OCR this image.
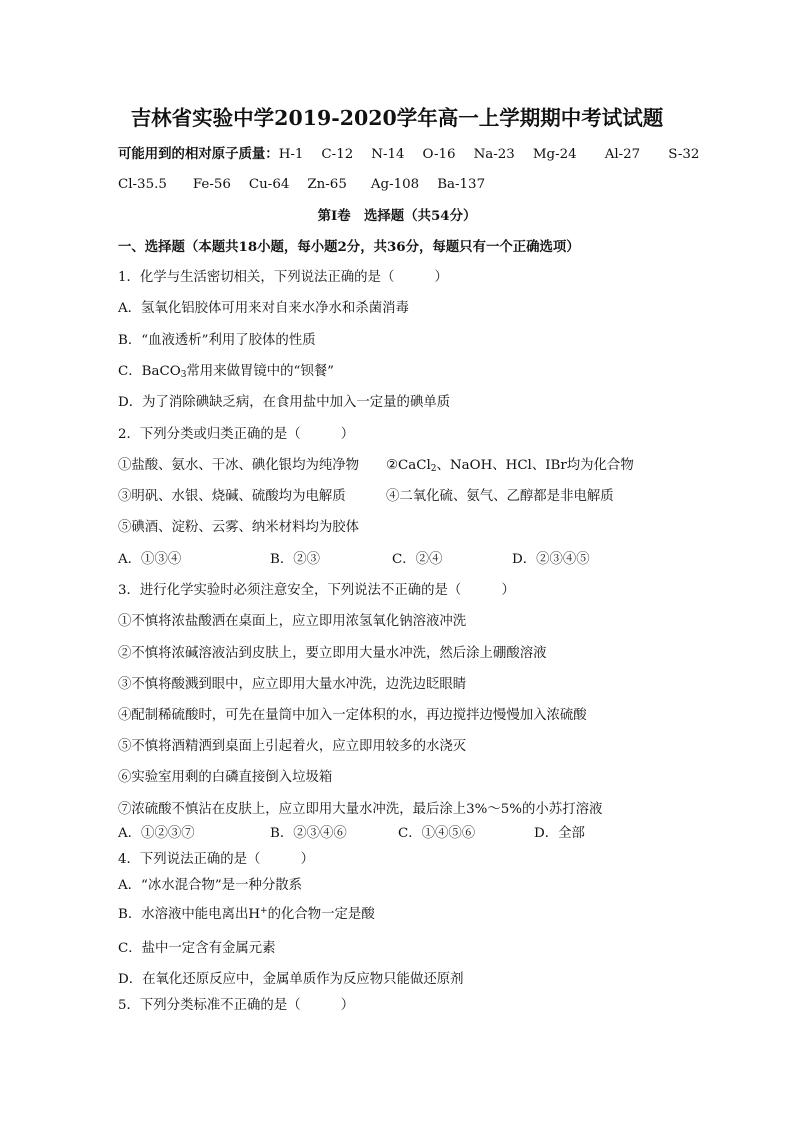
吉林省实验中学2019-2020学年高一上学期期中考试试题
可能用到的相对原子质量：H-1 C-12 N-14 O-16 Na-23 Mg-24 Al-27 S-32
Cl-35.5 Fe-56 Cu-64 Zn-65 Ag-108 Ba-137
第Ⅰ卷　选择题（共54分）
一、选择题（本题共18小题，每小题2分，共36分，每题只有一个正确选项）
1．化学与生活密切相关，下列说法正确的是（　　　）
A．氢氧化铝胶体可用来对自来水净水和杀菌消毒
B．“血液透析”利用了胶体的性质
C．BaCO$_3$常用来做胃镜中的“钡餐”
D．为了消除碘缺乏病，在食用盐中加入一定量的碘单质
2．下列分类或归类正确的是（　　　）
①盐酸、氨水、干冰、碘化银均为纯净物 ②CaCl$_2$、NaOH、HCl、IBr均为化合物
③明矾、水银、烧碱、硫酸均为电解质	④二氧化硫、氨气、乙醇都是非电解质
⑤碘酒、淀粉、云雾、纳米材料均为胶体
A．①③④	B．②③	C．②④	D．②③④⑤
3．进行化学实验时必须注意安全，下列说法不正确的是（　　　）
①不慎将浓盐酸洒在桌面上，应立即用浓氢氧化钠溶液冲洗
②不慎将浓碱溶液沾到皮肤上，要立即用大量水冲洗，然后涂上硼酸溶液
③不慎将酸溅到眼中，应立即用大量水冲洗，边洗边眨眼睛
④配制稀硫酸时，可先在量筒中加入一定体积的水，再边搅拌边慢慢加入浓硫酸
⑤不慎将酒精洒到桌面上引起着火，应立即用较多的水浇灭
⑥实验室用剩的白磷直接倒入垃圾箱
⑦浓硫酸不慎沾在皮肤上，应立即用大量水冲洗，最后涂上3%～5%的小苏打溶液
A．①②③⑦	B．②③④⑥	C．①④⑤⑥	D．全部
4．下列说法正确的是（　　　）
A．“冰水混合物”是一种分散系
B．水溶液中能电离出H+的化合物一定是酸
C．盐中一定含有金属元素
D．在氧化还原反应中，金属单质作为反应物只能做还原剂
5．下列分类标准不正确的是（　　　）
